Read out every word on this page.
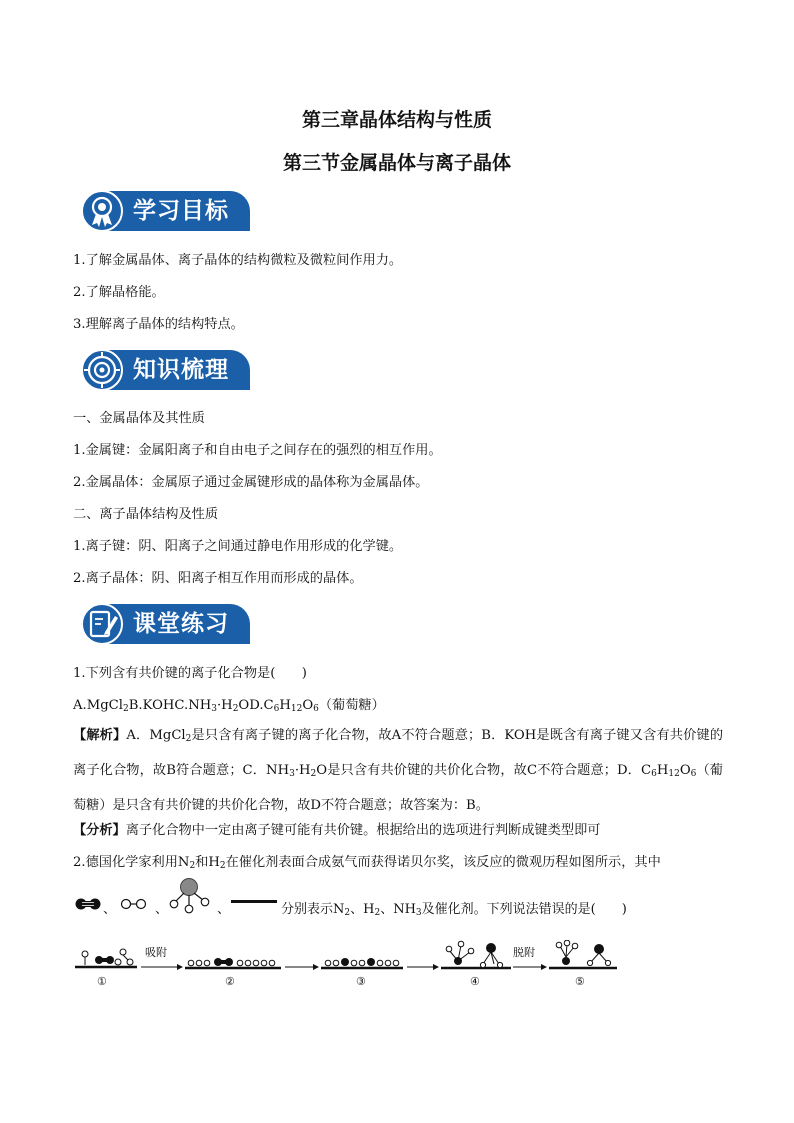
第三章晶体结构与性质
第三节金属晶体与离子晶体
学习目标
1.了解金属晶体、离子晶体的结构微粒及微粒间作用力。
2.了解晶格能。
3.理解离子晶体的结构特点。
知识梳理
一、金属晶体及其性质
1.金属键：金属阳离子和自由电子之间存在的强烈的相互作用。
2.金属晶体：金属原子通过金属键形成的晶体称为金属晶体。
二、离子晶体结构及性质
1.离子键：阴、阳离子之间通过静电作用形成的化学键。
2.离子晶体：阴、阳离子相互作用而形成的晶体。
课堂练习
1.下列含有共价键的离子化合物是(　　)
$A.MgCl_2B.KOHC.NH_3\cdot H_2OD.C_6H_{12}O_6$（葡萄糖）
【解析】A．MgCl$_2$是只含有离子键的离子化合物，故A不符合题意；B．KOH是既含有离子键又含有共价键的离子化合物，故B符合题意；C．$NH_3\cdot H_2O$是只含有共价键的共价化合物，故C不符合题意；D．$C_6H_{12}O_6$（葡萄糖）是只含有共价键的共价化合物，故D不符合题意；故答案为：B。
【分析】离子化合物中一定由离子键可能有共价键。根据给出的选项进行判断成键类型即可
2.德国化学家利用$N_2$和$H_2$在催化剂表面合成氨气而获得诺贝尔奖，该反应的微观历程如图所示，其中
、	、	、	分别表示$N_2$、$H_2$、$NH_3$及催化剂。下列说法错误的是(　　)
吸附	脱附
①	②	③	④	⑤
